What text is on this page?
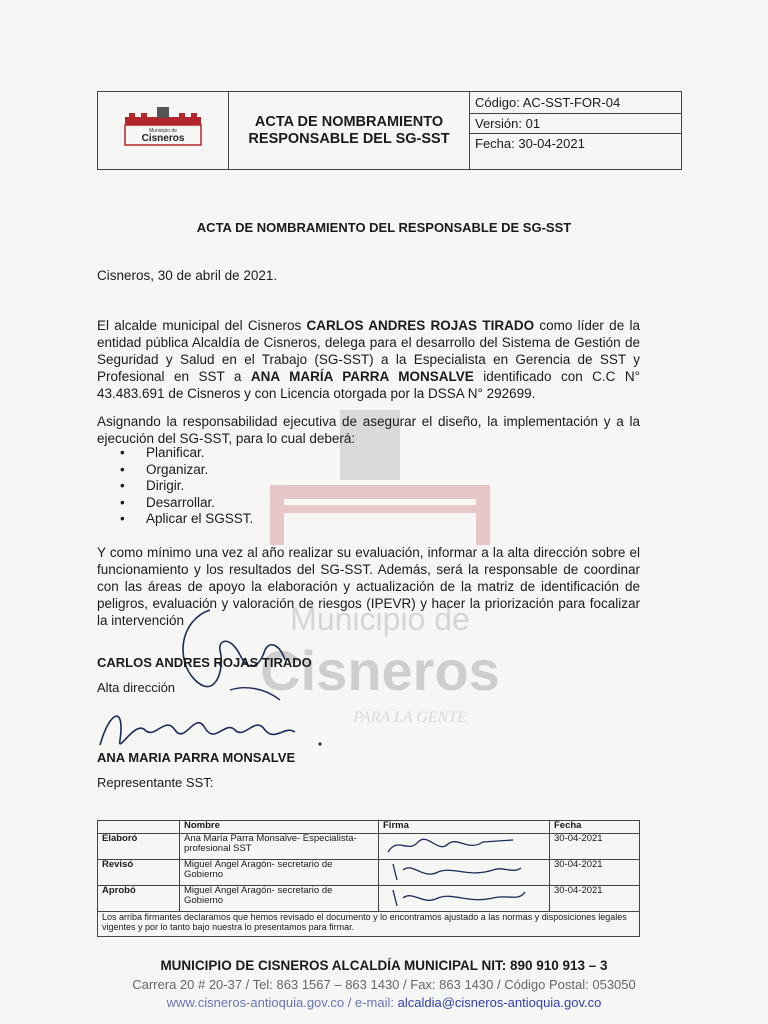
Municipio de
Cisneros
ACTA DE NOMBRAMIENTO
RESPONSABLE DEL SG-SST
Código: AC-SST-FOR-04
Versión: 01
Fecha: 30-04-2021
Municipio de
Cisneros
PARA LA GENTE
ACTA DE NOMBRAMIENTO DEL RESPONSABLE DE SG-SST
Cisneros, 30 de abril de 2021.
El alcalde municipal del Cisneros CARLOS ANDRES ROJAS TIRADO como líder de la entidad pública Alcaldía de Cisneros, delega para el desarrollo del Sistema de Gestión de Seguridad y Salud en el Trabajo (SG-SST) a la Especialista en Gerencia de SST y Profesional en SST a ANA MARÍA PARRA MONSALVE identificado con C.C N° 43.483.691 de Cisneros y con Licencia otorgada por la DSSA N° 292699.
Asignando la responsabilidad ejecutiva de asegurar el diseño, la implementación y a la ejecución del SG-SST, para lo cual deberá:
• Planificar.
• Organizar.
• Dirigir.
• Desarrollar.
• Aplicar el SGSST.
Y como mínimo una vez al año realizar su evaluación, informar a la alta dirección sobre el funcionamiento y los resultados del SG-SST. Además, será la responsable de coordinar con las áreas de apoyo la elaboración y actualización de la matriz de identificación de peligros, evaluación y valoración de riesgos (IPEVR) y hacer la priorización para focalizar la intervención
CARLOS ANDRES ROJAS TIRADO
Alta dirección
ANA MARIA PARRA MONSALVE
Representante SST:
	Nombre	Firma	Fecha
Elaboró	Ana María Parra Monsalve- Especialista-profesional SST		30-04-2021
Revisó	Miguel Ángel Aragón- secretario de Gobierno		30-04-2021
Aprobó	Miguel Ángel Aragón- secretario de Gobierno		30-04-2021
Los arriba firmantes declaramos que hemos revisado el documento y lo encontramos ajustado a las normas y disposiciones legales vigentes y por lo tanto bajo nuestra lo presentamos para firmar.			
MUNICIPIO DE CISNEROS ALCALDÍA MUNICIPAL NIT: 890 910 913 – 3
Carrera 20 # 20-37 / Tel: 863 1567 – 863 1430 / Fax: 863 1430 / Código Postal: 053050
www.cisneros-antioquia.gov.co / e-mail: alcaldia@cisneros-antioquia.gov.co
